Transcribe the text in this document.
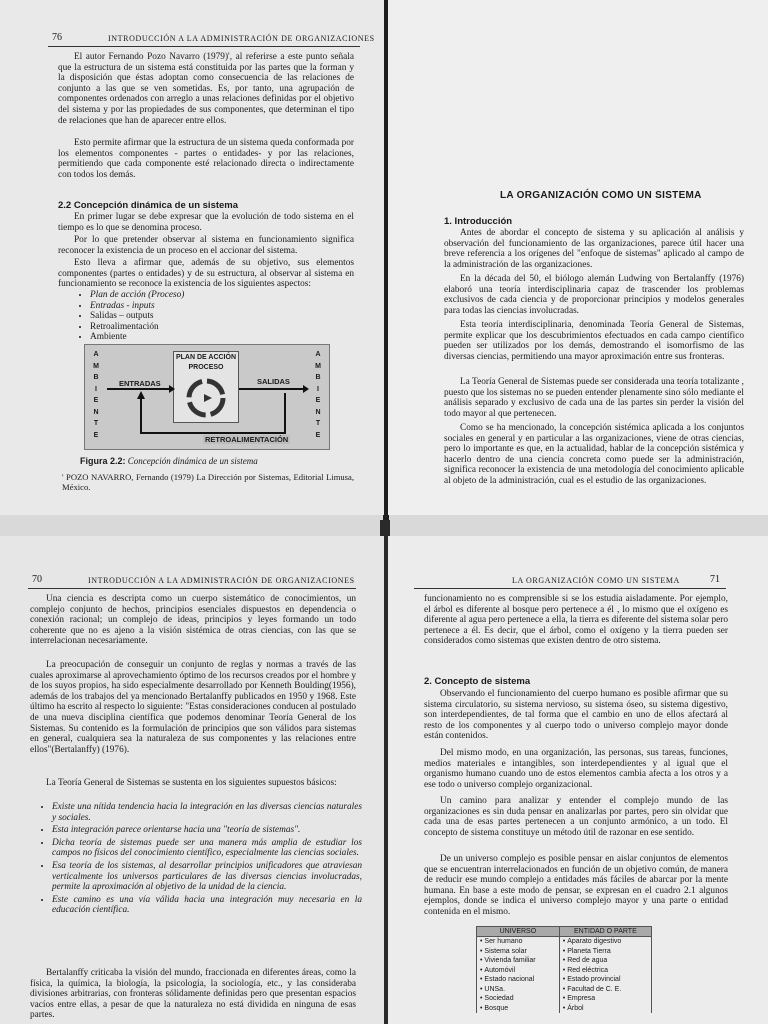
76	INTRODUCCIÓN A LA ADMINISTRACIÓN DE ORGANIZACIONES

El autor Fernando Pozo Navarro (1979)', al referirse a este punto señala que la estructura de un sistema está constituida por las partes que la forman y la disposición que éstas adoptan como consecuencia de las relaciones de conjunto a las que se ven sometidas. Es, por tanto, una agrupación de componentes ordenados con arreglo a unas relaciones definidas por el objetivo del sistema y por las propiedades de sus componentes, que determinan el tipo de relaciones que han de aparecer entre ellos.

Esto permite afirmar que la estructura de un sistema queda conformada por los elementos componentes - partes o entidades- y por las relaciones, permitiendo que cada componente esté relacionado directa o indirectamente con todos los demás.

2.2 Concepción dinámica de un sistema

En primer lugar se debe expresar que la evolución de todo sistema en el tiempo es lo que se denomina proceso.

Por lo que pretender observar al sistema en funcionamiento significa reconocer la existencia de un proceso en el accionar del sistema.

Esto lleva a afirmar que, además de su objetivo, sus elementos componentes (partes o entidades) y de su estructura, al observar al sistema en funcionamiento se reconoce la existencia de los siguientes aspectos:

• Plan de acción (Proceso)
• Entradas - inputs
• Salidas – outputs
• Retroalimentación
• Ambiente
A
M
B
I
E
N
T
E
A
M
B
I
E
N
T
E
PLAN DE ACCIÓN
PROCESO
ENTRADAS	SALIDAS
RETROALIMENTACIÓN
Figura 2.2: Concepción dinámica de un sistema

' POZO NAVARRO, Fernando (1979) La Dirección por Sistemas, Editorial Limusa, México.

LA ORGANIZACIÓN COMO UN SISTEMA
1. Introducción

Antes de abordar el concepto de sistema y su aplicación al análisis y observación del funcionamiento de las organizaciones, parece útil hacer una breve referencia a los orígenes del "enfoque de sistemas" aplicado al campo de la administración de las organizaciones.

En la década del 50, el biólogo alemán Ludwing von Bertalanffy (1976) elaboró una teoría interdisciplinaria capaz de trascender los problemas exclusivos de cada ciencia y de proporcionar principios y modelos generales para todas las ciencias involucradas.

Esta teoría interdisciplinaria, denominada Teoría General de Sistemas, permite explicar que los descubrimientos efectuados en cada campo científico pueden ser utilizados por los demás, demostrando el isomorfismo de las diversas ciencias, permitiendo una mayor aproximación entre sus fronteras.

La Teoría General de Sistemas puede ser considerada una teoría totalizante , puesto que los sistemas no se pueden entender plenamente sino sólo mediante el análisis separado y exclusivo de cada una de las partes sin perder la visión del todo mayor al que pertenecen.

Como se ha mencionado, la concepción sistémica aplicada a los conjuntos sociales en general y en particular a las organizaciones, viene de otras ciencias, pero lo importante es que, en la actualidad, hablar de la concepción sistémica y hacerlo dentro de una ciencia concreta como puede ser la administración, significa reconocer la existencia de una metodología del conocimiento aplicable al objeto de la administración, cual es el estudio de las organizaciones.

70	INTRODUCCIÓN A LA ADMINISTRACIÓN DE ORGANIZACIONES

Una ciencia es descripta como un cuerpo sistemático de conocimientos, un complejo conjunto de hechos, principios esenciales dispuestos en dependencia o conexión racional; un complejo de ideas, principios y leyes formando un todo coherente que no es ajeno a la visión sistémica de otras ciencias, con las que se interrelacionan necesariamente.

La preocupación de conseguir un conjunto de reglas y normas a través de las cuales aproximarse al aprovechamiento óptimo de los recursos creados por el hombre y de los suyos propios, ha sido especialmente desarrollado por Kenneth Boulding(1956), además de los trabajos del ya mencionado Bertalanffy publicados en 1950 y 1968. Este último ha escrito al respecto lo siguiente: "Estas consideraciones conducen al postulado de una nueva disciplina científica que podemos denominar Teoría General de los Sistemas. Su contenido es la formulación de principios que son válidos para sistemas en general, cualquiera sea la naturaleza de sus componentes y las relaciones entre ellos"(Bertalanffy) (1976).

La Teoría General de Sistemas se sustenta en los siguientes supuestos básicos:

• Existe una nítida tendencia hacia la integración en las diversas ciencias naturales y sociales.
• Esta integración parece orientarse hacia una "teoría de sistemas".
• Dicha teoría de sistemas puede ser una manera más amplia de estudiar los campos no físicos del conocimiento científico, especialmente las ciencias sociales.
• Esa teoría de los sistemas, al desarrollar principios unificadores que atraviesan verticalmente los universos particulares de las diversas ciencias involucradas, permite la aproximación al objetivo de la unidad de la ciencia.
• Este camino es una vía válida hacia una integración muy necesaria en la educación científica.

Bertalanffy criticaba la visión del mundo, fraccionada en diferentes áreas, como la física, la química, la biología, la psicología, la sociología, etc., y las consideraba divisiones arbitrarias, con fronteras sólidamente definidas pero que presentan espacios vacíos entre ellas, a pesar de que la naturaleza no está dividida en ninguna de esas partes.

LA ORGANIZACIÓN COMO UN SISTEMA	71

funcionamiento no es comprensible si se los estudia aisladamente. Por ejemplo, el árbol es diferente al bosque pero pertenece a él , lo mismo que el oxígeno es diferente al agua pero pertenece a ella, la tierra es diferente del sistema solar pero pertenece a él. Es decir, que el árbol, como el oxígeno y la tierra pueden ser considerados como sistemas que existen dentro de otro sistema.

2. Concepto de sistema

Observando el funcionamiento del cuerpo humano es posible afirmar que su sistema circulatorio, su sistema nervioso, su sistema óseo, su sistema digestivo, son interdependientes, de tal forma que el cambio en uno de ellos afectará al resto de los componentes y al cuerpo todo o universo complejo mayor donde están contenidos.

Del mismo modo, en una organización, las personas, sus tareas, funciones, medios materiales e intangibles, son interdependientes y al igual que el organismo humano cuando uno de estos elementos cambia afecta a los otros y a ese todo o universo complejo organizacional.

Un camino para analizar y entender el complejo mundo de las organizaciones es sin duda pensar en analizarlas por partes, pero sin olvidar que cada una de esas partes pertenecen a un conjunto armónico, a un todo. El concepto de sistema constituye un método útil de razonar en ese sentido.

De un universo complejo es posible pensar en aislar conjuntos de elementos que se encuentran interrelacionados en función de un objetivo común, de manera de reducir ese mundo complejo a entidades más fáciles de abarcar por la mente humana. En base a este modo de pensar, se expresan en el cuadro 2.1 algunos ejemplos, donde se indica el universo complejo mayor y una parte o entidad contenida en el mismo.

UNIVERSO	ENTIDAD O PARTE
• Ser humano	• Aparato digestivo
• Sistema solar	• Planeta Tierra
• Vivienda familiar	• Red de agua
• Automóvil	• Red eléctrica
• Estado nacional	• Estado provincial
• UNSa.	• Facultad de C. E.
• Sociedad	• Empresa
• Bosque	• Árbol
